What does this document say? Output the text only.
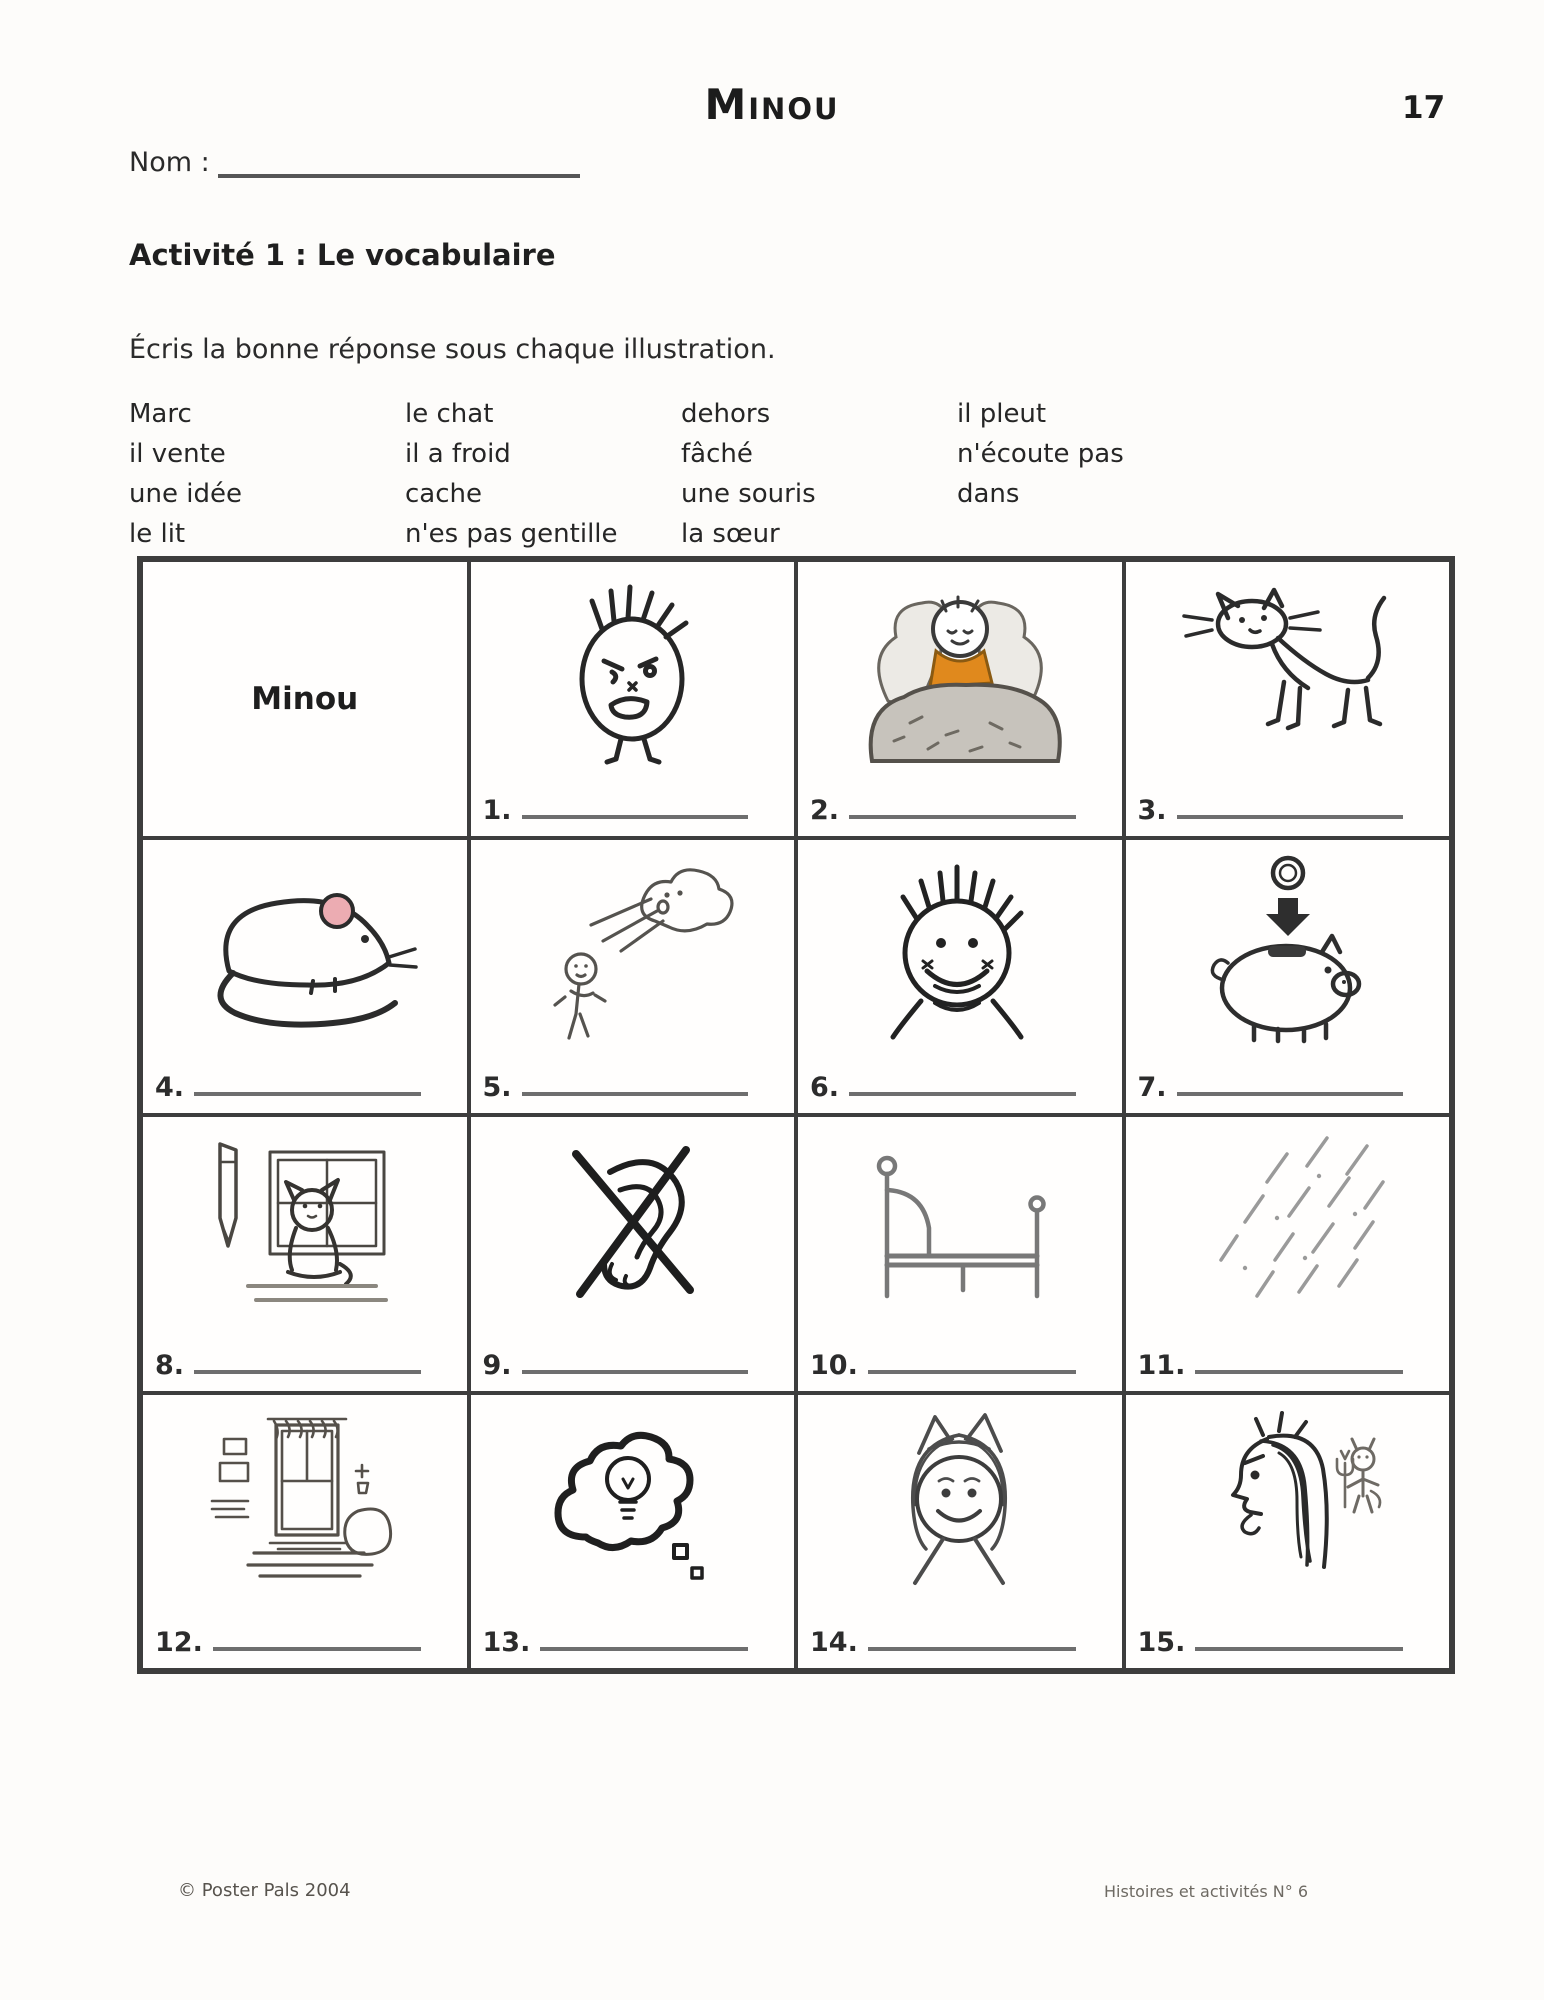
Minou	17
Nom :
Activité 1 : Le vocabulaire
Écris la bonne réponse sous chaque illustration.
Marc	le chat	dehors	il pleut
il vente	il a froid	fâché	n'écoute pas
une idée	cache	une souris	dans
le lit	n'es pas gentille	la sœur
Minou
1.	2.	3.
4.	5.	6.	7.
8.	9.	10.	11.
12.	13.	14.	15.
© Poster Pals 2004	Histoires et activités N° 6
